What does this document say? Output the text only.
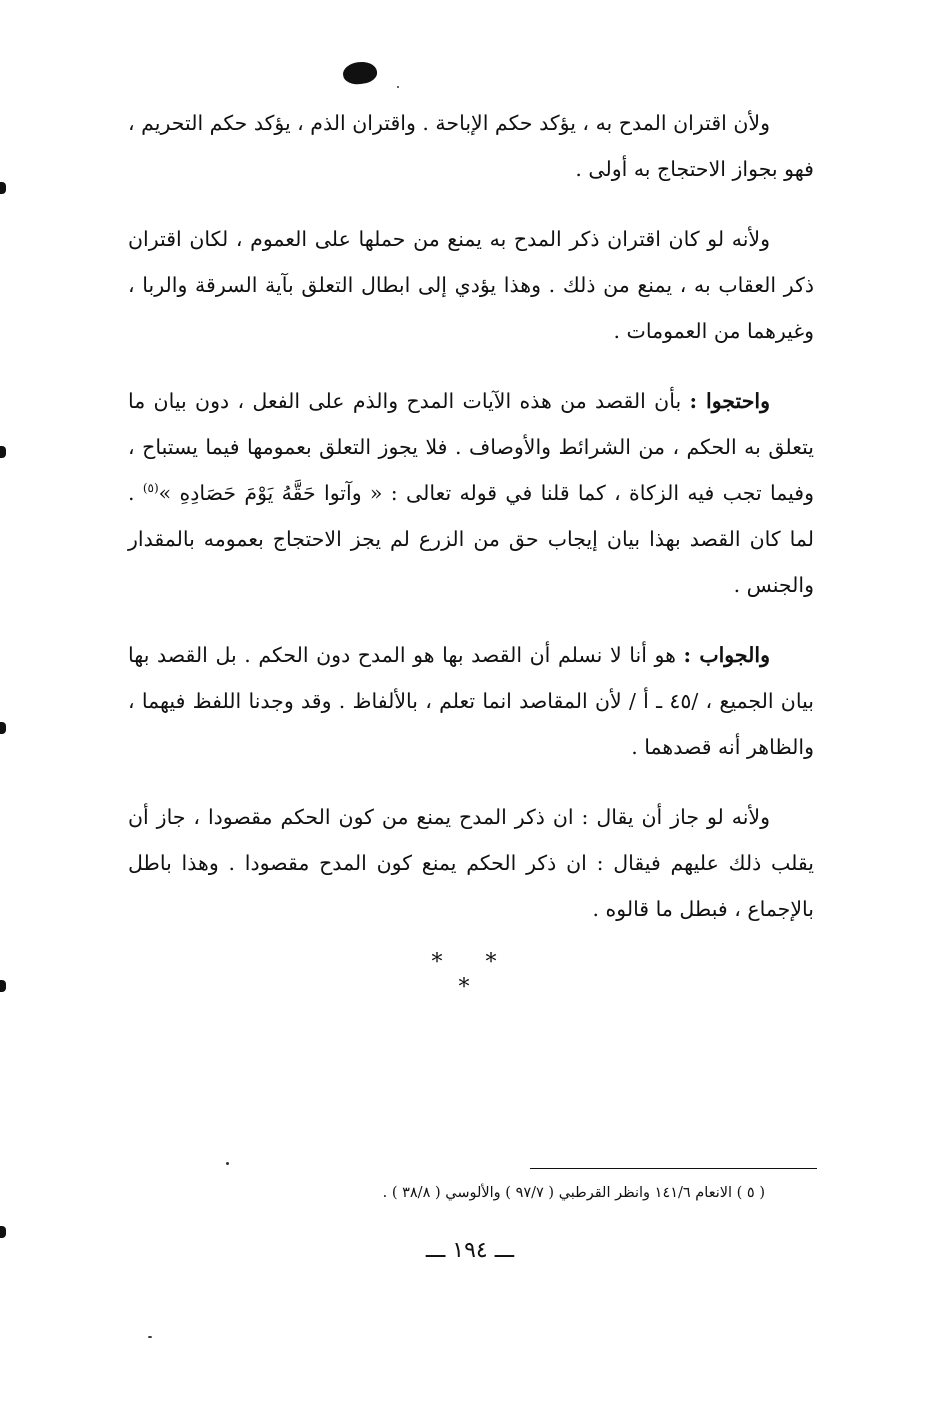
ولأن اقتران المدح به ، يؤكد حكم الإباحة . واقتران الذم ، يؤكد حكم التحريم ، فهو بجواز الاحتجاج به أولى .

ولأنه لو كان اقتران ذكر المدح به يمنع من حملها على العموم ، لكان اقتران ذكر العقاب به ، يمنع من ذلك . وهذا يؤدي إلى ابطال التعلق بآية السرقة والربا ، وغيرهما من العمومات .

واحتجوا : بأن القصد من هذه الآيات المدح والذم على الفعل ، دون بيان ما يتعلق به الحكم ، من الشرائط والأوصاف . فلا يجوز التعلق بعمومها فيما يستباح ، وفيما تجب فيه الزكاة ، كما قلنا في قوله تعالى : « وآتوا حَقَّهُ يَوْمَ حَصَادِهِ »$^{(٥)}$ . لما كان القصد بهذا بيان إيجاب حق من الزرع لم يجز الاحتجاج بعمومه بالمقدار والجنس .

والجواب : هو أنا لا نسلم أن القصد بها هو المدح دون الحكم . بل القصد بها بيان الجميع ، ‎/٤٥ ـ أ / لأن المقاصد انما تعلم ، بالألفاظ . وقد وجدنا اللفظ فيهما ، والظاهر أنه قصدهما .

ولأنه لو جاز أن يقال : ان ذكر المدح يمنع من كون الحكم مقصودا ، جاز أن يقلب ذلك عليهم فيقال : ان ذكر الحكم يمنع كون المدح مقصودا . وهذا باطل بالإجماع ، فبطل ما قالوه .

* * *
( ٥ ) الانعام ١٤١/٦ وانظر القرطبي ( ٩٧/٧ ) والألوسي ( ٣٨/٨ ) .
ـــ ١٩٤ ـــ
